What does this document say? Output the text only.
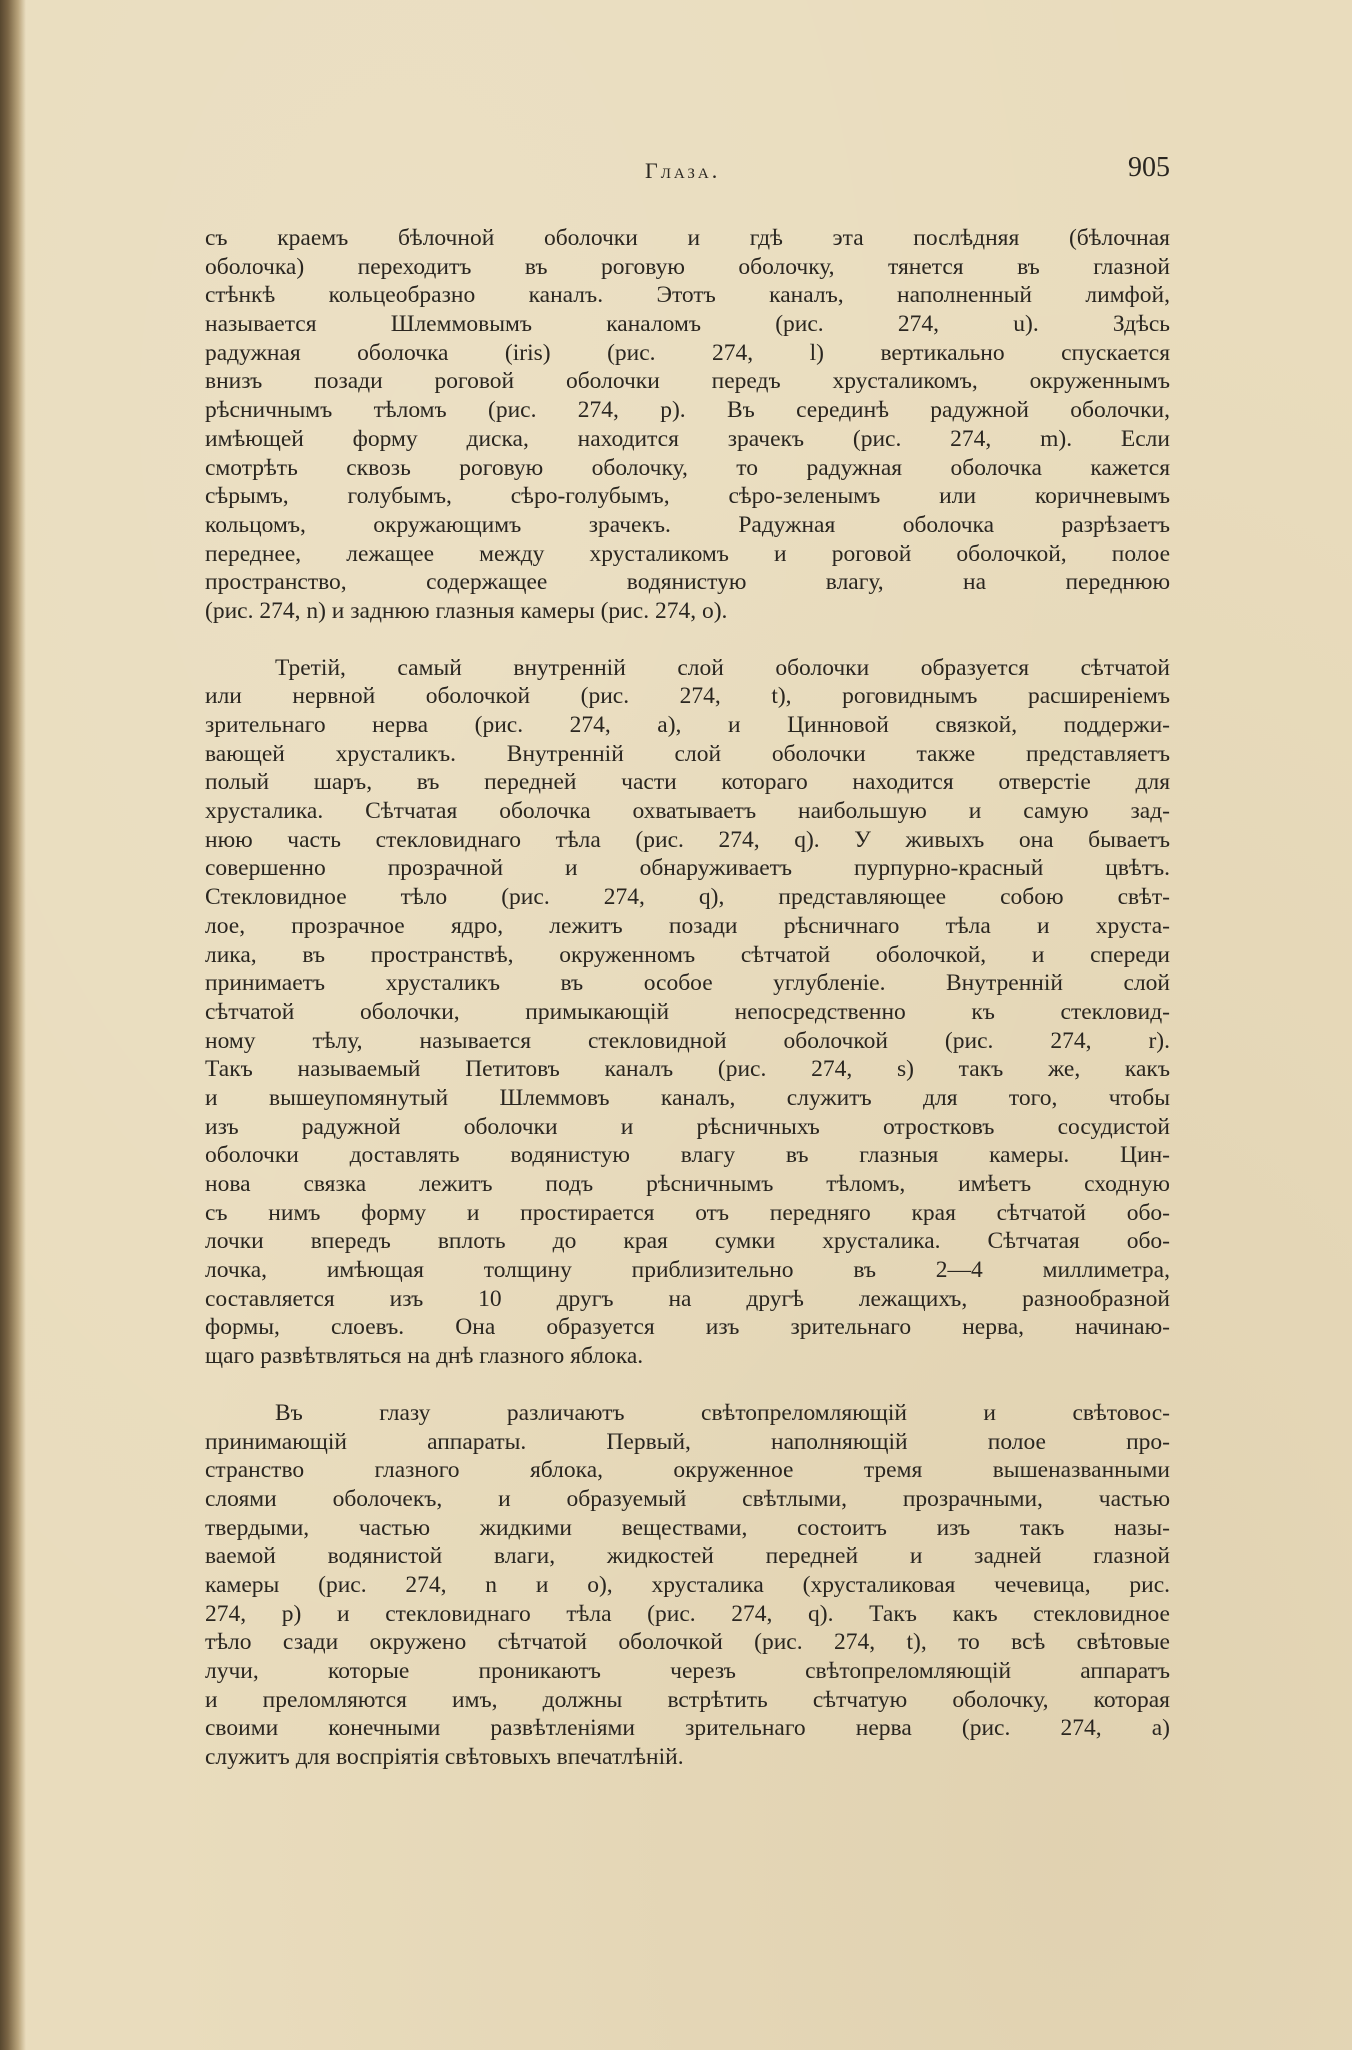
Глаза.	905

съ краемъ бѣлочной оболочки и гдѣ эта послѣдняя (бѣлочная
оболочка) переходитъ въ роговую оболочку, тянется въ глазной
стѣнкѣ кольцеобразно каналъ. Этотъ каналъ, наполненный лимфой,
называется Шлеммовымъ каналомъ (рис. 274, u). Здѣсь
радужная оболочка (iris) (рис. 274, l) вертикально спускается
внизъ позади роговой оболочки передъ хрусталикомъ, окруженнымъ
рѣсничнымъ тѣломъ (рис. 274, p). Въ серединѣ радужной оболочки,
имѣющей форму диска, находится зрачекъ (рис. 274, m). Если
смотрѣть сквозь роговую оболочку, то радужная оболочка кажется
сѣрымъ, голубымъ, сѣро-голубымъ, сѣро-зеленымъ или коричневымъ
кольцомъ, окружающимъ зрачекъ. Радужная оболочка разрѣзаетъ
переднее, лежащее между хрусталикомъ и роговой оболочкой, полое
пространство, содержащее водянистую влагу, на переднюю
(рис. 274, n) и заднюю глазныя камеры (рис. 274, o).

Третій, самый внутренній слой оболочки образуется сѣтчатой
или нервной оболочкой (рис. 274, t), роговиднымъ расширеніемъ
зрительнаго нерва (рис. 274, a), и Цинновой связкой, поддержи-
вающей хрусталикъ. Внутренній слой оболочки также представляетъ
полый шаръ, въ передней части котораго находится отверстіе для
хрусталика. Сѣтчатая оболочка охватываетъ наибольшую и самую зад-
нюю часть стекловиднаго тѣла (рис. 274, q). У живыхъ она бываетъ
совершенно прозрачной и обнаруживаетъ пурпурно-красный цвѣтъ.
Стекловидное тѣло (рис. 274, q), представляющее собою свѣт-
лое, прозрачное ядро, лежитъ позади рѣсничнаго тѣла и хруста-
лика, въ пространствѣ, окруженномъ сѣтчатой оболочкой, и спереди
принимаетъ хрусталикъ въ особое углубленіе. Внутренній слой
сѣтчатой оболочки, примыкающій непосредственно къ стекловид-
ному тѣлу, называется стекловидной оболочкой (рис. 274, r).
Такъ называемый Петитовъ каналъ (рис. 274, s) такъ же, какъ
и вышеупомянутый Шлеммовъ каналъ, служитъ для того, чтобы
изъ радужной оболочки и рѣсничныхъ отростковъ сосудистой
оболочки доставлять водянистую влагу въ глазныя камеры. Цин-
нова связка лежитъ подъ рѣсничнымъ тѣломъ, имѣетъ сходную
съ нимъ форму и простирается отъ передняго края сѣтчатой обо-
лочки впередъ вплоть до края сумки хрусталика. Сѣтчатая обо-
лочка, имѣющая толщину приблизительно въ 2—4 миллиметра,
составляется изъ 10 другъ на другѣ лежащихъ, разнообразной
формы, слоевъ. Она образуется изъ зрительнаго нерва, начинаю-
щаго развѣтвляться на днѣ глазного яблока.

Въ глазу различаютъ свѣтопреломляющій и свѣтовос-
принимающій аппараты. Первый, наполняющій полое про-
странство глазного яблока, окруженное тремя вышеназванными
слоями оболочекъ, и образуемый свѣтлыми, прозрачными, частью
твердыми, частью жидкими веществами, состоитъ изъ такъ назы-
ваемой водянистой влаги, жидкостей передней и задней глазной
камеры (рис. 274, n и o), хрусталика (хрусталиковая чечевица, рис.
274, p) и стекловиднаго тѣла (рис. 274, q). Такъ какъ стекловидное
тѣло сзади окружено сѣтчатой оболочкой (рис. 274, t), то всѣ свѣтовые
лучи, которые проникаютъ черезъ свѣтопреломляющій аппаратъ
и преломляются имъ, должны встрѣтить сѣтчатую оболочку, которая
своими конечными развѣтленіями зрительнаго нерва (рис. 274, a)
служитъ для воспріятія свѣтовыхъ впечатлѣній.
